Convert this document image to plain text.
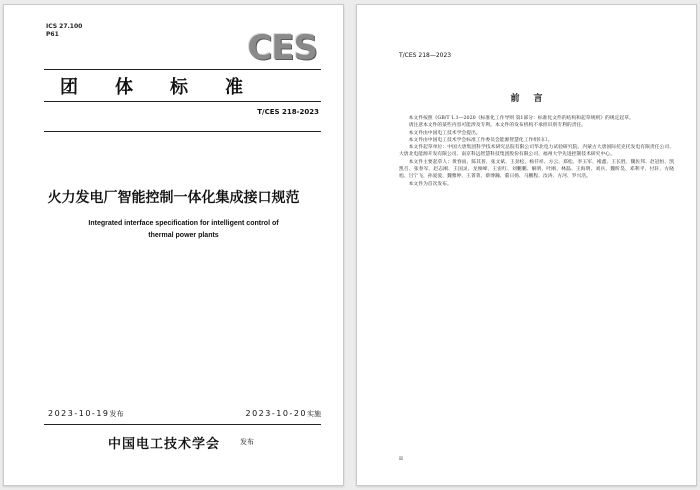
ICS 27.100
P61	CES
团体标准
T/CES 218-2023
火力发电厂智能控制一体化集成接口规范
Integrated interface specification for intelligent control of
thermal power plants
2023-10-19发布	2023-10-20实施
中国电工技术学会	发布
T/CES 218—2023
前言

本文件按照《GB/T 1.1—2020《标准化工作导则 第1部分：标准化文件的结构和起草规则》的规定起草。

请注意本文件的某些内容可能涉及专利。本文件的发布机构不承担识别专利的责任。

本文件由中国电工技术学会提出。

本文件由中国电工技术学会标准工作委员会能源智慧化工作组归口。

本文件起草单位：中国大唐集团科学技术研究总院有限公司华北电力试验研究院、内蒙古大唐国际托克托发电有限责任公司、大唐北电能源开发有限公司、南京科远智慧科技集团股份有限公司、福州大学先进控制技术研究中心。

本文件主要起草人：黄春雨、陈其普、张文斌、王劲松、杨仟祥、方云、郑松、李玉军、褚鑫、王长胜、魏佐邦、赵冠恒、凯凯召、张春军、赵志刚、王国灵、龙俊峰、王宙红、刘鹏鹏、解明、叶刚、林磊、王海明、刘兵、魏昕昊、邓利平、付轩、方晓旭、吕宁飞、孙爱爱、魏雅婷、王菁菁、蔡博瀚、董日扬、马鹏程、汝涛、方河、罗兴浩。

本文件为首次发布。

II
